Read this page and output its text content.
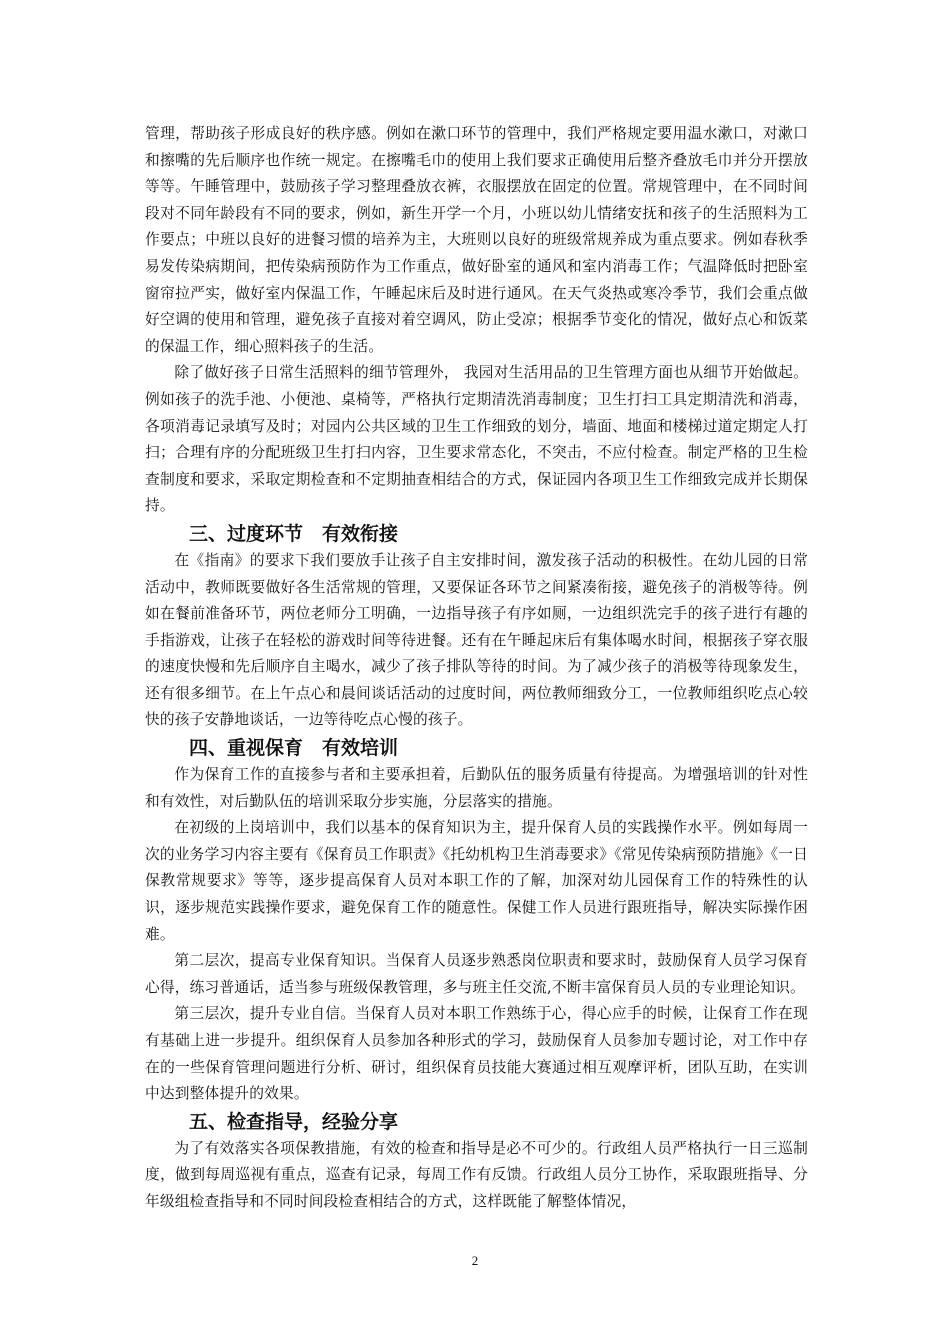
管理，帮助孩子形成良好的秩序感。例如在漱口环节的管理中，我们严格规定要用温水漱口，对漱口和擦嘴的先后顺序也作统一规定。在擦嘴毛巾的使用上我们要求正确使用后整齐叠放毛巾并分开摆放等等。午睡管理中，鼓励孩子学习整理叠放衣裤，衣服摆放在固定的位置。常规管理中，在不同时间段对不同年龄段有不同的要求，例如，新生开学一个月，小班以幼儿情绪安抚和孩子的生活照料为工作要点；中班以良好的进餐习惯的培养为主，大班则以良好的班级常规养成为重点要求。例如春秋季易发传染病期间，把传染病预防作为工作重点，做好卧室的通风和室内消毒工作；气温降低时把卧室窗帘拉严实，做好室内保温工作，午睡起床后及时进行通风。在天气炎热或寒冷季节，我们会重点做好空调的使用和管理，避免孩子直接对着空调风，防止受凉；根据季节变化的情况，做好点心和饭菜的保温工作，细心照料孩子的生活。

除了做好孩子日常生活照料的细节管理外， 我园对生活用品的卫生管理方面也从细节开始做起。例如孩子的洗手池、小便池、桌椅等，严格执行定期清洗消毒制度；卫生打扫工具定期清洗和消毒，各项消毒记录填写及时；对园内公共区域的卫生工作细致的划分，墙面、地面和楼梯过道定期定人打扫；合理有序的分配班级卫生打扫内容，卫生要求常态化，不突击，不应付检查。制定严格的卫生检查制度和要求，采取定期检查和不定期抽查相结合的方式，保证园内各项卫生工作细致完成并长期保持。

三、过度环节　有效衔接

在《指南》的要求下我们要放手让孩子自主安排时间，激发孩子活动的积极性。在幼儿园的日常活动中，教师既要做好各生活常规的管理，又要保证各环节之间紧凑衔接，避免孩子的消极等待。例如在餐前准备环节，两位老师分工明确，一边指导孩子有序如厕，一边组织洗完手的孩子进行有趣的手指游戏，让孩子在轻松的游戏时间等待进餐。还有在午睡起床后有集体喝水时间，根据孩子穿衣服的速度快慢和先后顺序自主喝水，减少了孩子排队等待的时间。为了减少孩子的消极等待现象发生，还有很多细节。在上午点心和晨间谈话活动的过度时间，两位教师细致分工，一位教师组织吃点心较快的孩子安静地谈话，一边等待吃点心慢的孩子。

四、重视保育　有效培训

作为保育工作的直接参与者和主要承担着，后勤队伍的服务质量有待提高。为增强培训的针对性和有效性，对后勤队伍的培训采取分步实施，分层落实的措施。

在初级的上岗培训中，我们以基本的保育知识为主，提升保育人员的实践操作水平。例如每周一次的业务学习内容主要有《保育员工作职责》《托幼机构卫生消毒要求》《常见传染病预防措施》《一日保教常规要求》等等，逐步提高保育人员对本职工作的了解，加深对幼儿园保育工作的特殊性的认识，逐步规范实践操作要求，避免保育工作的随意性。保健工作人员进行跟班指导，解决实际操作困难。

第二层次，提高专业保育知识。当保育人员逐步熟悉岗位职责和要求时，鼓励保育人员学习保育心得，练习普通话，适当参与班级保教管理，多与班主任交流,不断丰富保育员人员的专业理论知识。

第三层次，提升专业自信。当保育人员对本职工作熟练于心，得心应手的时候，让保育工作在现有基础上进一步提升。组织保育人员参加各种形式的学习，鼓励保育人员参加专题讨论，对工作中存在的一些保育管理问题进行分析、研讨，组织保育员技能大赛通过相互观摩评析，团队互助，在实训中达到整体提升的效果。

五、检查指导，经验分享

为了有效落实各项保教措施，有效的检查和指导是必不可少的。行政组人员严格执行一日三巡制度，做到每周巡视有重点，巡查有记录，每周工作有反馈。行政组人员分工协作，采取跟班指导、分年级组检查指导和不同时间段检查相结合的方式，这样既能了解整体情况，

2
